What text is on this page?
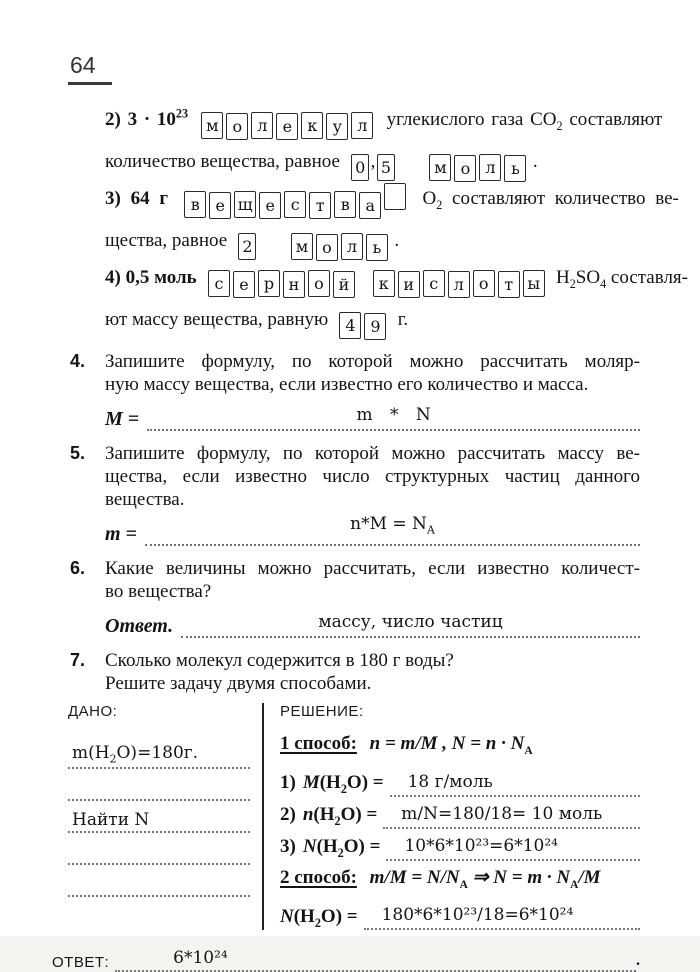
64
2) $3 \cdot 10^{23}$ м о л е к у л углекислого газа $CO_2$ составляют
количество вещества, равное 0 , 5	м о л ь .
3) 64 г в е щ е с т в а $O_2$ составляют количество ве-
щества, равное 2	м о л ь .
4) 0,5 моль с е р н о й к и с л о т ы $H_2SO_4$ составля-
ют массу вещества, равную 4 9 г.
4.	Запишите формулу, по которой можно рассчитать моляр-
ную массу вещества, если известно его количество и масса.
M =	m * N
5.	Запишите формулу, по которой можно рассчитать массу ве-
щества, если известно число структурных частиц данного
вещества.
m =	$n*M = N_A$
6.	Какие величины можно рассчитать, если известно количест-
во вещества?
Ответ.	массу, число частиц
7.	Сколько молекул содержится в 180 г воды?
Решите задачу двумя способами.
ДАНО:
$m(H_2O)=180г$.
Найти N
РЕШЕНИЕ:
1 способ: n = m/M , $N = n \cdot N_A$
1) $M(H_2O)$ =	18 г/моль
2) $n(H_2O)$ =	m/N=180/18= 10 моль
3) $N(H_2O)$ =	10*6*10²³=6*10²⁴
2 способ: $m/M = N/N_A$ ⇒ $N = m \cdot N_A/M$
$N(H_2O)$ =	180*6*10²³/18=6*10²⁴
ОТВЕТ:	6*10²⁴	.
